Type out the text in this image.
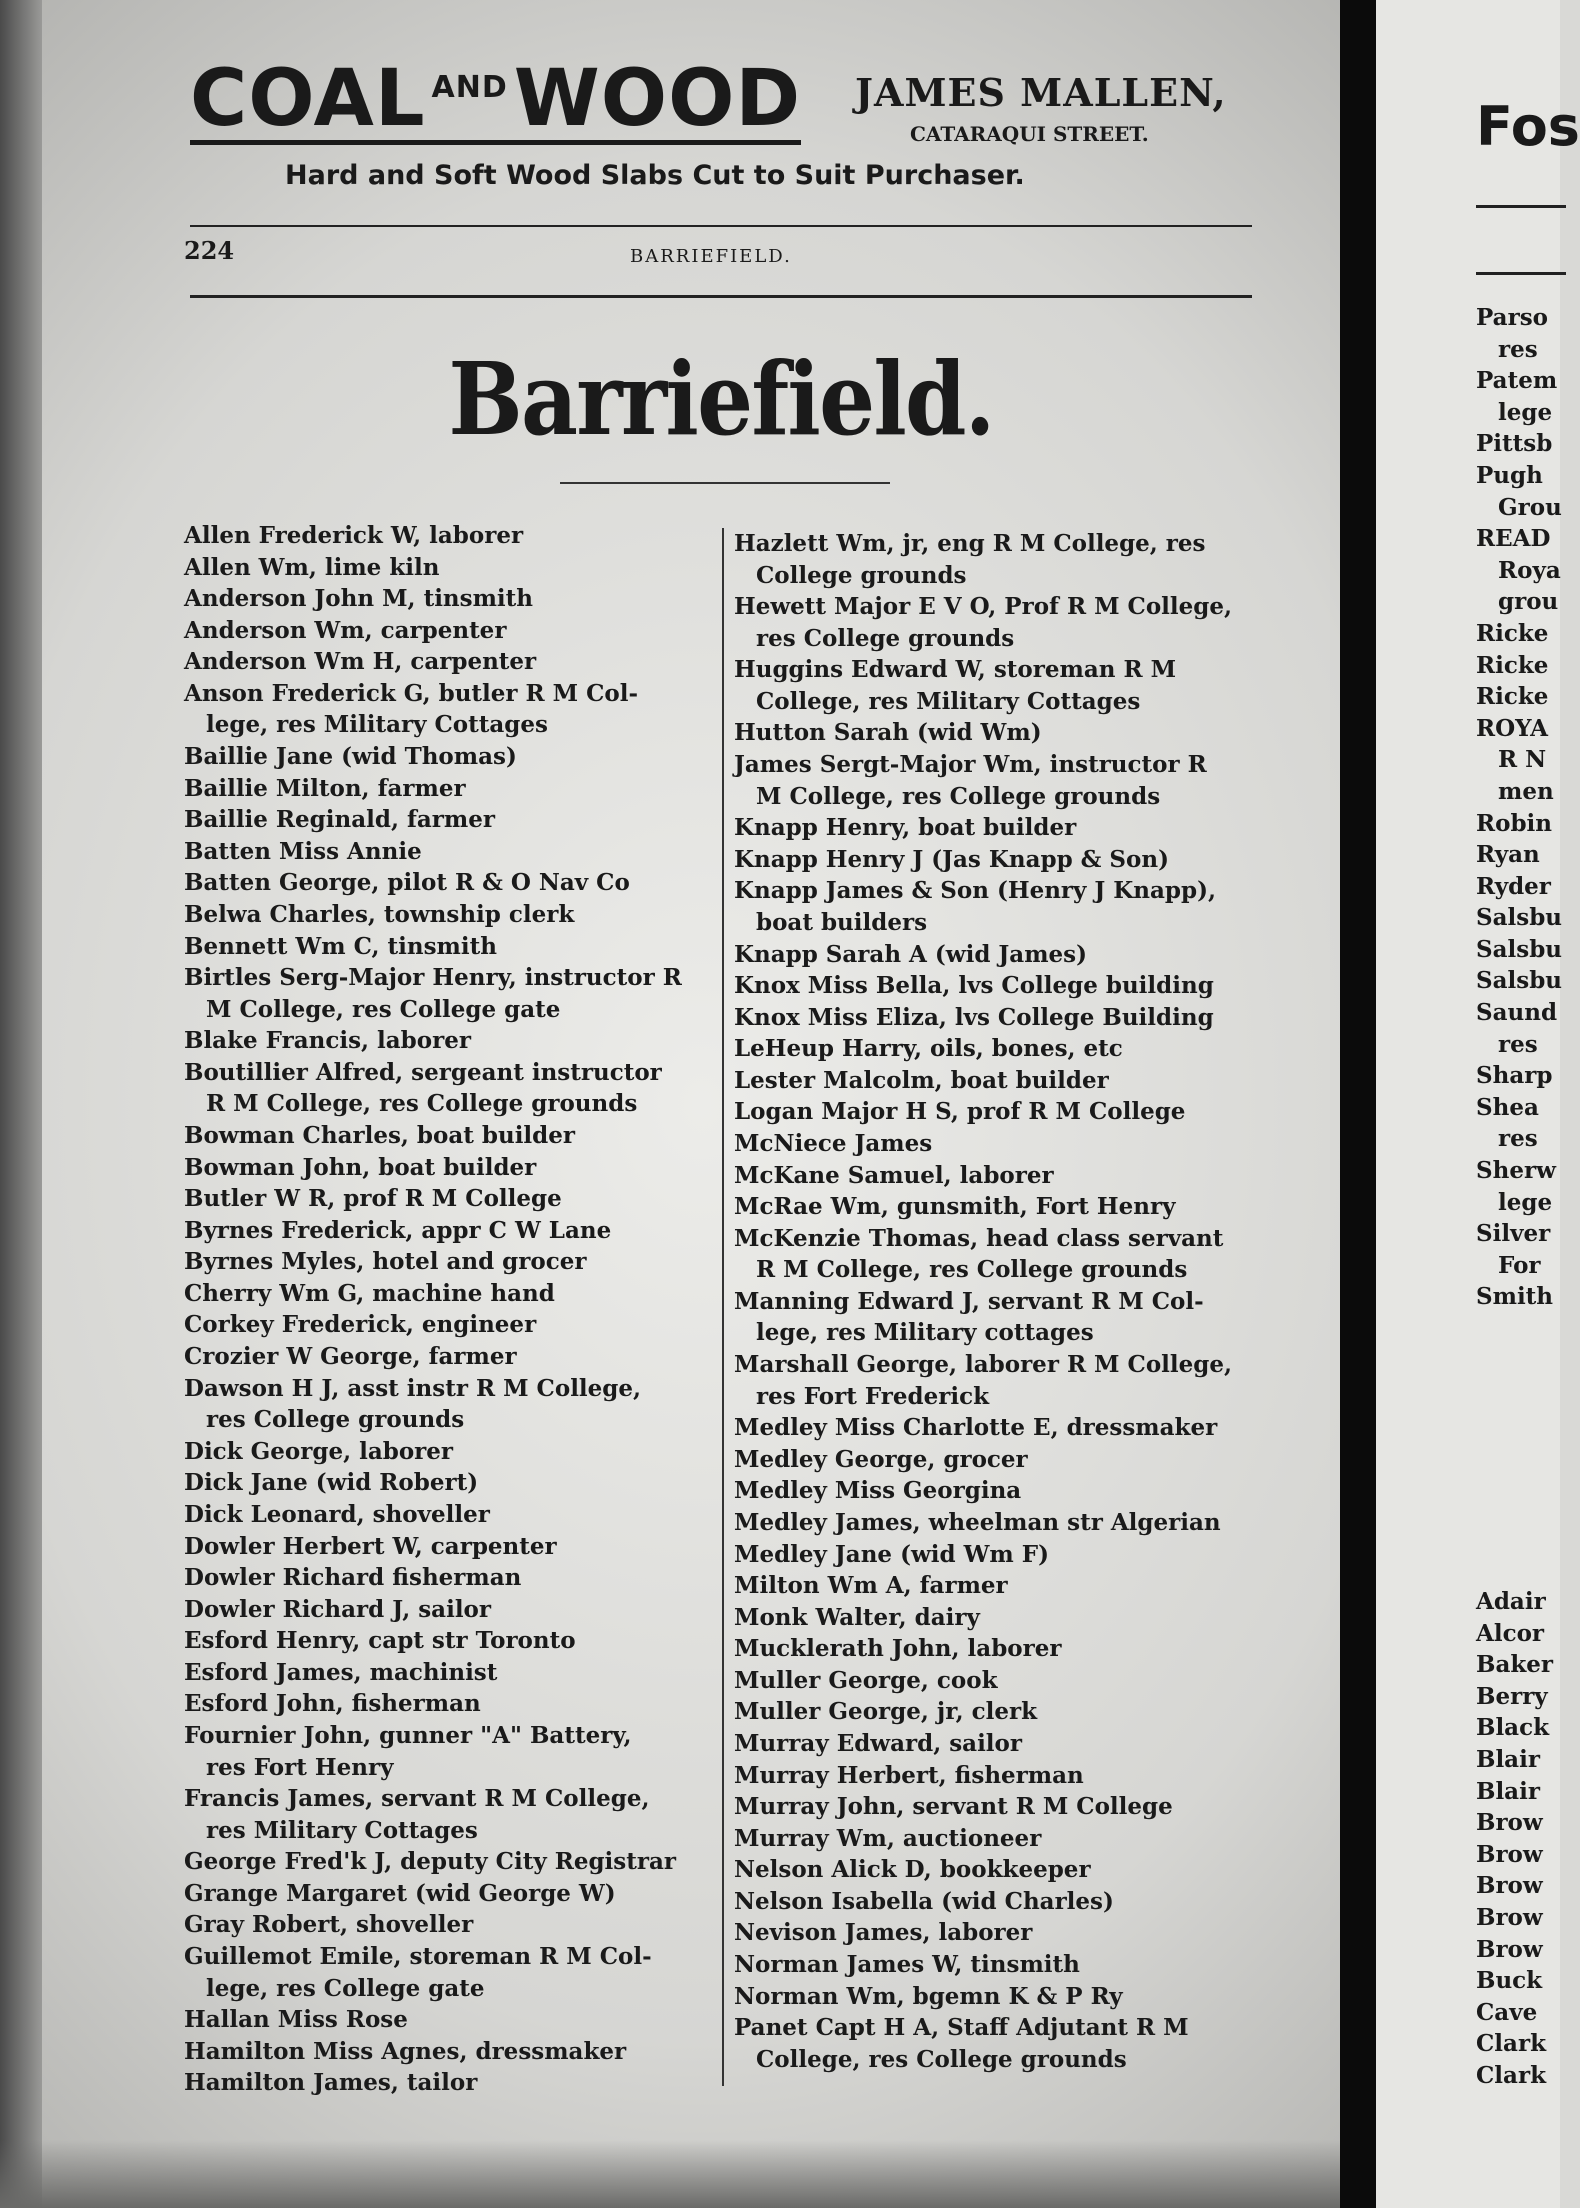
COAL $^{AND}$WOOD JAMES MALLEN,
CATARAQUI STREET.
Hard and Soft Wood Slabs Cut to Suit Purchaser.
224	BARRIEFIELD.
Barriefield.
Allen Frederick W, laborer
Allen Wm, lime kiln
Anderson John M, tinsmith
Anderson Wm, carpenter
Anderson Wm H, carpenter
Anson Frederick G, butler R M Col-
lege, res Military Cottages
Baillie Jane (wid Thomas)
Baillie Milton, farmer
Baillie Reginald, farmer
Batten Miss Annie
Batten George, pilot R & O Nav Co
Belwa Charles, township clerk
Bennett Wm C, tinsmith
Birtles Serg-Major Henry, instructor R
M College, res College gate
Blake Francis, laborer
Boutillier Alfred, sergeant instructor
R M College, res College grounds
Bowman Charles, boat builder
Bowman John, boat builder
Butler W R, prof R M College
Byrnes Frederick, appr C W Lane
Byrnes Myles, hotel and grocer
Cherry Wm G, machine hand
Corkey Frederick, engineer
Crozier W George, farmer
Dawson H J, asst instr R M College,
res College grounds
Dick George, laborer
Dick Jane (wid Robert)
Dick Leonard, shoveller
Dowler Herbert W, carpenter
Dowler Richard fisherman
Dowler Richard J, sailor
Esford Henry, capt str Toronto
Esford James, machinist
Esford John, fisherman
Fournier John, gunner "A" Battery,
res Fort Henry
Francis James, servant R M College,
res Military Cottages
George Fred'k J, deputy City Registrar
Grange Margaret (wid George W)
Gray Robert, shoveller
Guillemot Emile, storeman R M Col-
lege, res College gate
Hallan Miss Rose
Hamilton Miss Agnes, dressmaker
Hamilton James, tailor
Hazlett Wm, jr, eng R M College, res
College grounds
Hewett Major E V O, Prof R M College,
res College grounds
Huggins Edward W, storeman R M
College, res Military Cottages
Hutton Sarah (wid Wm)
James Sergt-Major Wm, instructor R
M College, res College grounds
Knapp Henry, boat builder
Knapp Henry J (Jas Knapp & Son)
Knapp James & Son (Henry J Knapp),
boat builders
Knapp Sarah A (wid James)
Knox Miss Bella, lvs College building
Knox Miss Eliza, lvs College Building
LeHeup Harry, oils, bones, etc
Lester Malcolm, boat builder
Logan Major H S, prof R M College
McNiece James
McKane Samuel, laborer
McRae Wm, gunsmith, Fort Henry
McKenzie Thomas, head class servant
R M College, res College grounds
Manning Edward J, servant R M Col-
lege, res Military cottages
Marshall George, laborer R M College,
res Fort Frederick
Medley Miss Charlotte E, dressmaker
Medley George, grocer
Medley Miss Georgina
Medley James, wheelman str Algerian
Medley Jane (wid Wm F)
Milton Wm A, farmer
Monk Walter, dairy
Mucklerath John, laborer
Muller George, cook
Muller George, jr, clerk
Murray Edward, sailor
Murray Herbert, fisherman
Murray John, servant R M College
Murray Wm, auctioneer
Nelson Alick D, bookkeeper
Nelson Isabella (wid Charles)
Nevison James, laborer
Norman James W, tinsmith
Norman Wm, bgemn K & P Ry
Panet Capt H A, Staff Adjutant R M
College, res College grounds
Fos
Parso
res
Patem
lege
Pittsb
Pugh
Grou
READ
Roya
grou
Ricke
Ricke
Ricke
ROYA
R N
men
Robin
Ryan
Ryder
Salsbu
Salsbu
Salsbu
Saund
res
Sharp
Shea
res
Sherw
lege
Silver
For
Smith
Adair
Alcor
Baker
Berry
Black
Blair
Blair
Brow
Brow
Brow
Brow
Brow
Buck
Cave
Clark
Clark
